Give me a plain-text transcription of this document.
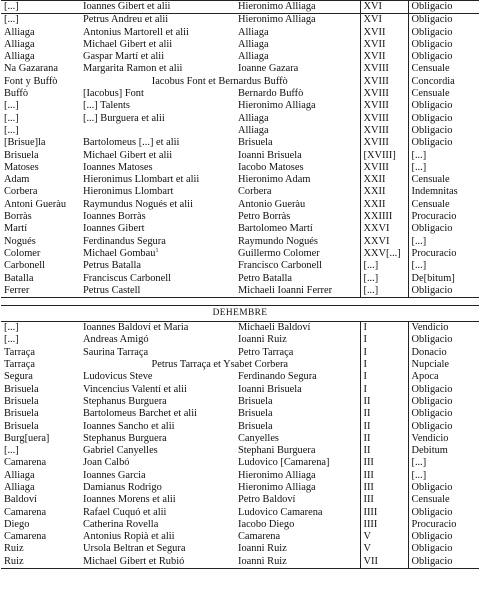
[...]	Ioannes Gibert et alii	Hieronimo Alliaga	XVI	Obligacio
[...]	Petrus Andreu et alii	Hieronimo Alliaga	XVI	Obligacio
Alliaga	Antonius Martorell et alii	Alliaga	XVII	Obligacio
Alliaga	Michael Gibert et alii	Alliaga	XVII	Obligacio
Alliaga	Gaspar Martí et alii	Alliaga	XVII	Obligacio
Na Gazarana	Margarita Ramon et alii	Ioanne Gazara	XVIII	Censuale
Font y Buffò	Iacobus Font et Bernardus Buffò		XVIII	Concordia
Buffò	[Iacobus] Font	Bernardo Buffò	XVIII	Censuale
[...]	[...] Talents	Hieronimo Alliaga	XVIII	Obligacio
[...]	[...] Burguera et alii	Alliaga	XVIII	Obligacio
[...]		Alliaga	XVIII	Obligacio
[Brisue]la	Bartolomeus [...] et alii	Brisuela	XVIII	Obligacio
Brisuela	Michael Gibert et alii	Ioanni Brisuela	[XVIII]	[...]
Matoses	Ioannes Matoses	Iacobo Matoses	XVIII	[...]
Adam	Hieronimus Llombart et alii	Hieronimo Adam	XXII	Censuale
Corbera	Hieronimus Llombart	Corbera	XXII	Indemnitas
Antoni Gueràu	Raymundus Nogués et alii	Antonio Gueràu	XXII	Censuale
Borràs	Ioannes Borràs	Petro Borràs	XXIIII	Procuracio
Martí	Ioannes Gibert	Bartolomeo Martí	XXVI	Obligacio
Nogués	Ferdinandus Segura	Raymundo Nogués	XXVI	[...]
Colomer	Michael Gombau$^1$	Guillermo Colomer	XXV[...]	Procuracio
Carbonell	Petrus Batalla	Francisco Carbonell	[...]	[...]
Batalla	Franciscus Carbonell	Petro Batalla	[...]	De[bitum]
Ferrer	Petrus Castell	Michaeli Ioanni Ferrer	[...]	Obligacio

DEHEMBRE				
[...]	Ioannes Baldoví et Maria	Michaeli Baldoví	I	Vendicio
[...]	Andreas Amigó	Ioanni Ruiz	I	Obligacio
Tarraça	Saurina Tarraça	Petro Tarraça	I	Donacio
Tarraça	Petrus Tarraça et Ysabet Corbera		I	Nupciale
Segura	Ludovicus Steve	Ferdinando Segura	I	Apoca
Brisuela	Vincencius Valentí et alii	Ioanni Brisuela	I	Obligacio
Brisuela	Stephanus Burguera	Brisuela	II	Obligacio
Brisuela	Bartolomeus Barchet et alii	Brisuela	II	Obligacio
Brisuela	Ioannes Sancho et alii	Brisuela	II	Obligacio
Burg[uera]	Stephanus Burguera	Canyelles	II	Vendicio
[...]	Gabriel Canyelles	Stephani Burguera	II	Debitum
Camarena	Joan Calbó	Ludovico [Camarena]	III	[...]
Alliaga	Ioannes Garcia	Hieronimo Alliaga	III	[...]
Alliaga	Damianus Rodrigo	Hieronimo Alliaga	III	Obligacio
Baldoví	Ioannes Morens et alii	Petro Baldoví	III	Censuale
Camarena	Rafael Cuquó et alii	Ludovico Camarena	IIII	Obligacio
Diego	Catherina Rovella	Iacobo Diego	IIII	Procuracio
Camarena	Antonius Ropià et alii	Camarena	V	Obligacio
Ruiz	Ursola Beltran et Segura	Ioanni Ruiz	V	Obligacio
Ruiz	Michael Gibert et Rubió	Ioanni Ruiz	VII	Obligacio
